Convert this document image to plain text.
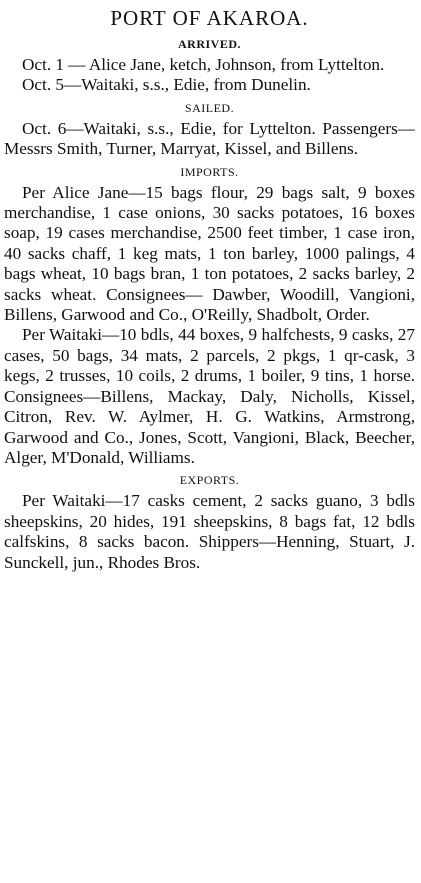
PORT OF AKAROA.
ARRIVED.

Oct. 1 — Alice Jane, ketch, Johnson, from Lyttelton.

Oct. 5—Waitaki, s.s., Edie, from Dunelin.

SAILED.

Oct. 6—Waitaki, s.s., Edie, for Lyttelton. Passengers—Messrs Smith, Turner, Marryat, Kissel, and Billens.

IMPORTS.

Per Alice Jane—15 bags flour, 29 bags salt, 9 boxes merchandise, 1 case onions, 30 sacks potatoes, 16 boxes soap, 19 cases merchandise, 2500 feet timber, 1 case iron, 40 sacks chaff, 1 keg mats, 1 ton barley, 1000 palings, 4 bags wheat, 10 bags bran, 1 ton potatoes, 2 sacks barley, 2 sacks wheat. Consignees— Dawber, Woodill, Vangioni, Billens, Garwood and Co., O'Reilly, Shadbolt, Order.

Per Waitaki—10 bdls, 44 boxes, 9 halfchests, 9 casks, 27 cases, 50 bags, 34 mats, 2 parcels, 2 pkgs, 1 qr-cask, 3 kegs, 2 trusses, 10 coils, 2 drums, 1 boiler, 9 tins, 1 horse. Consignees—Billens, Mackay, Daly, Nicholls, Kissel, Citron, Rev. W. Aylmer, H. G. Watkins, Armstrong, Garwood and Co., Jones, Scott, Vangioni, Black, Beecher, Alger, M'Donald, Williams.

EXPORTS.

Per Waitaki—17 casks cement, 2 sacks guano, 3 bdls sheepskins, 20 hides, 191 sheepskins, 8 bags fat, 12 bdls calfskins, 8 sacks bacon. Shippers—Henning, Stuart, J. Sunckell, jun., Rhodes Bros.
